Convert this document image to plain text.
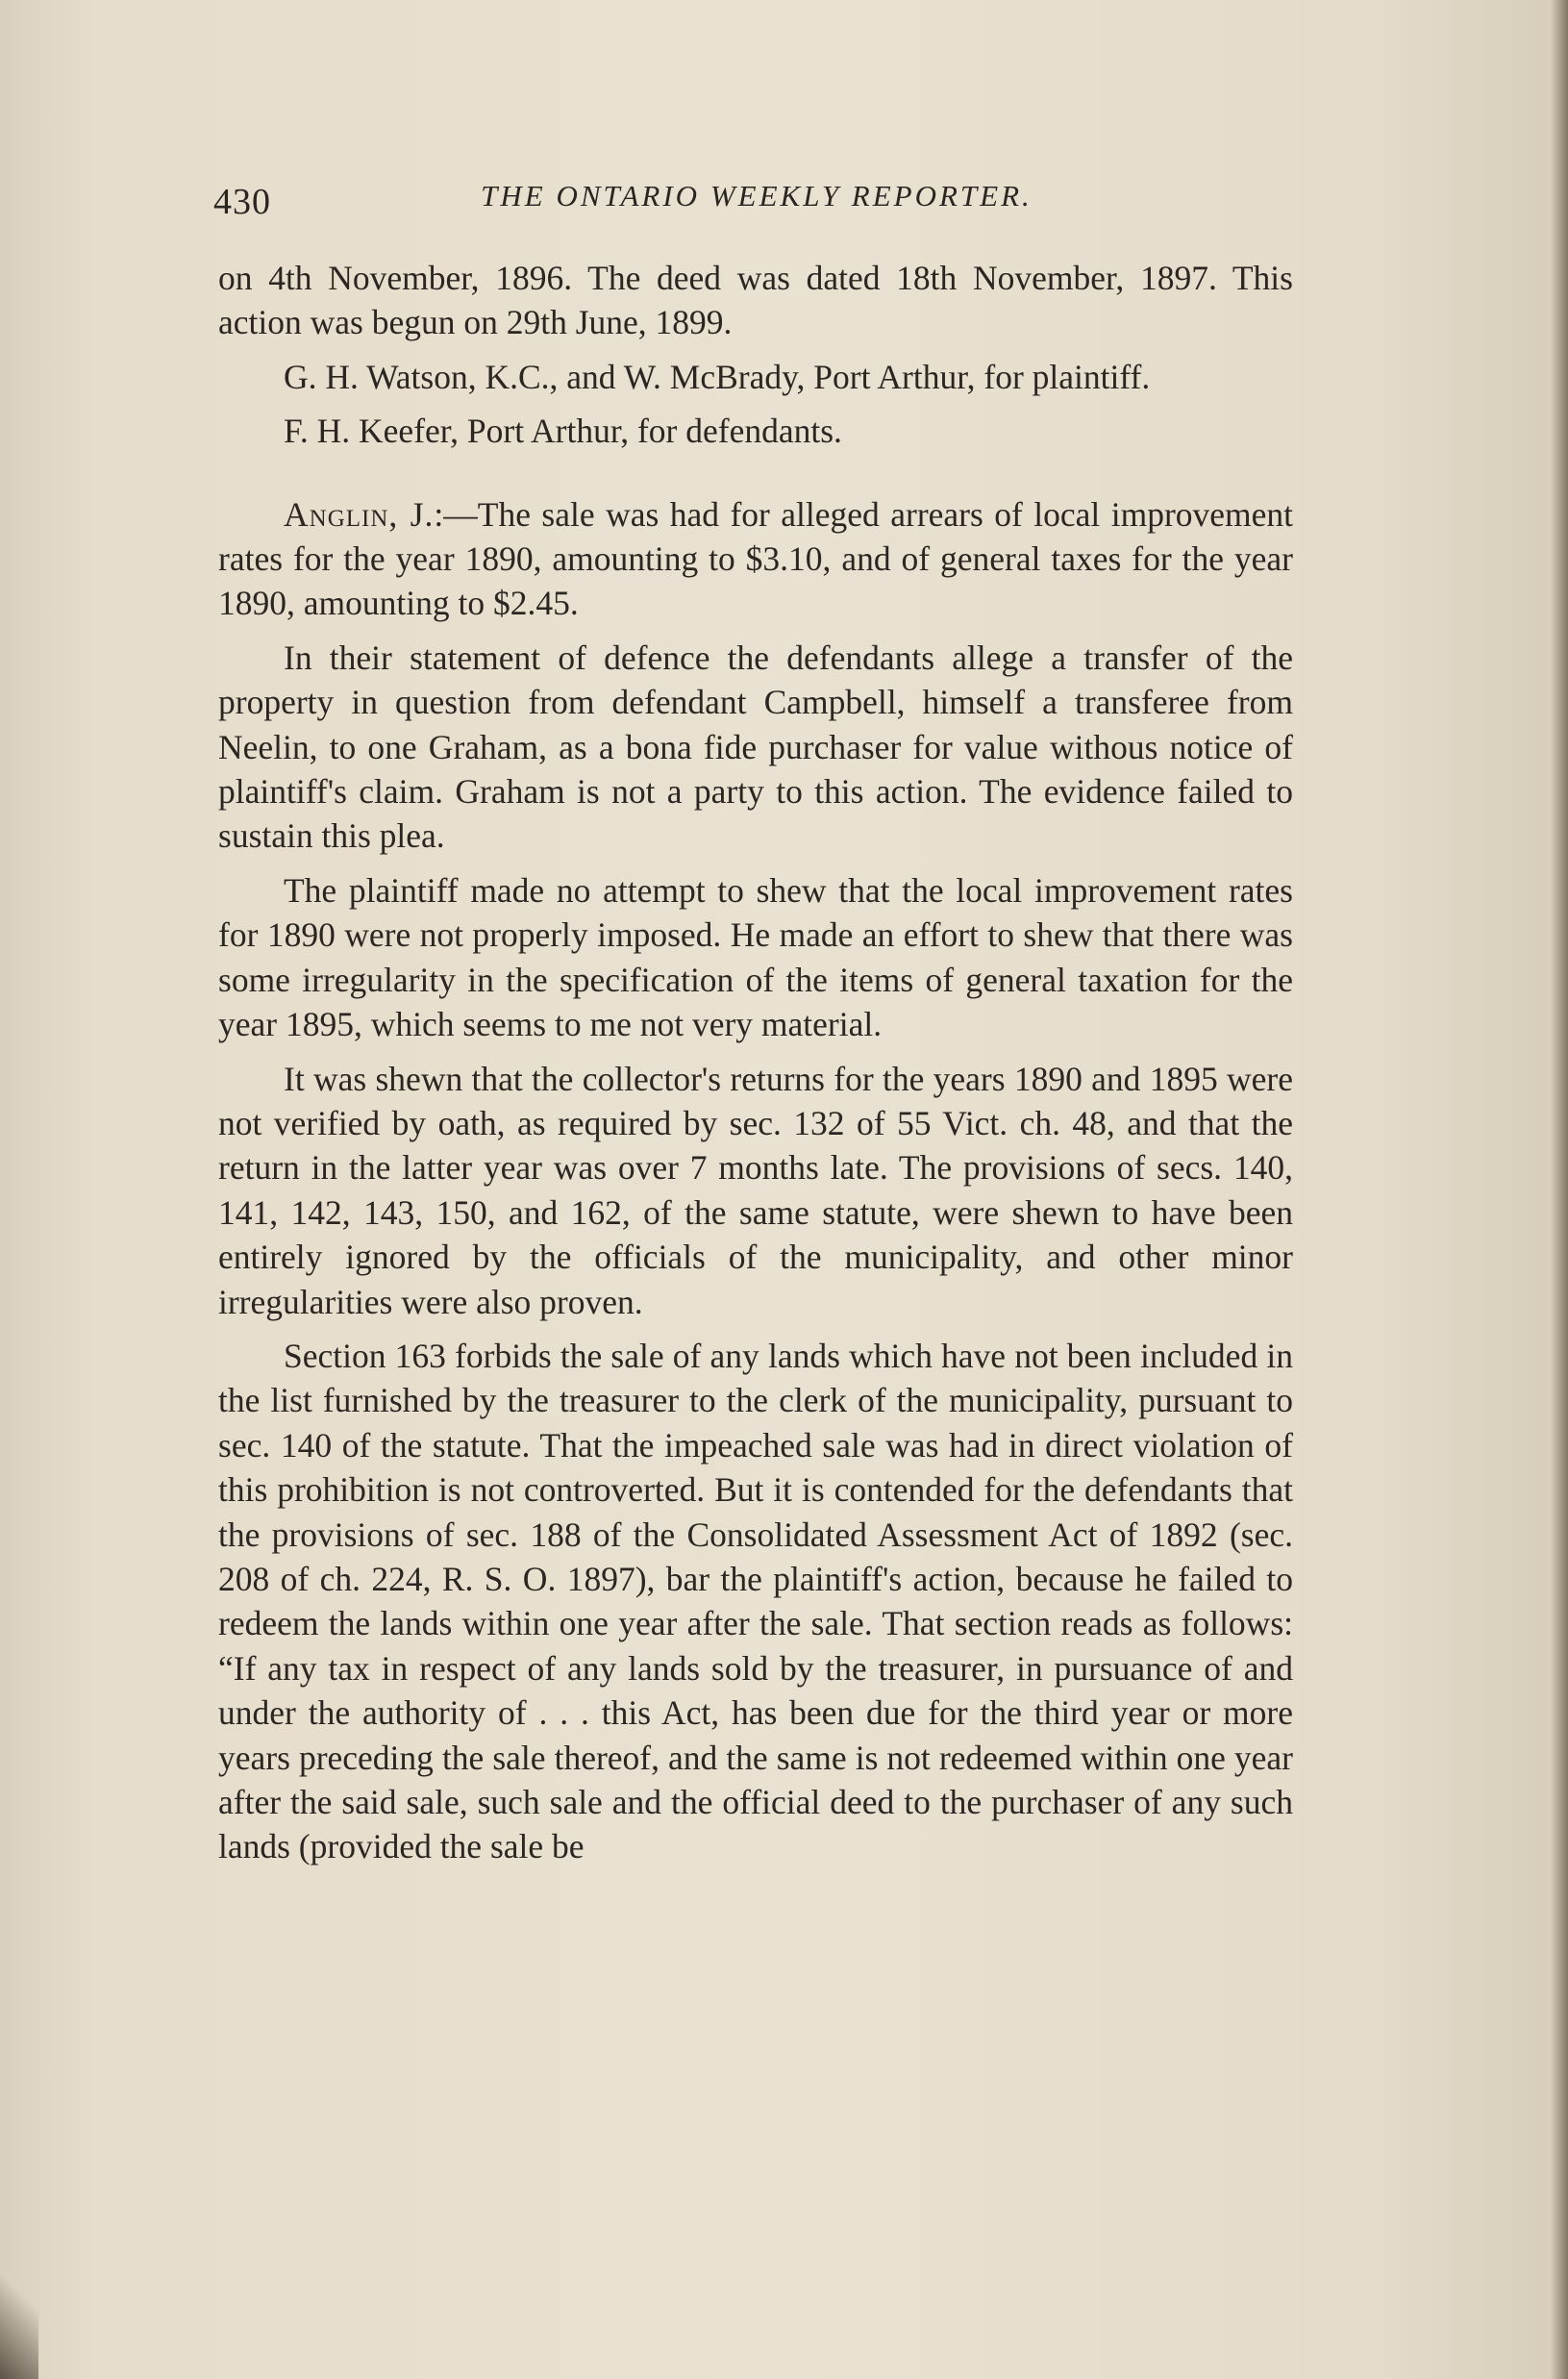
430	THE ONTARIO WEEKLY REPORTER.

on 4th November, 1896. The deed was dated 18th November, 1897. This action was begun on 29th June, 1899.

G. H. Watson, K.C., and W. McBrady, Port Arthur, for plaintiff.

F. H. Keefer, Port Arthur, for defendants.

Anglin, J.:—The sale was had for alleged arrears of local improvement rates for the year 1890, amounting to $3.10, and of general taxes for the year 1890, amounting to $2.45.

In their statement of defence the defendants allege a transfer of the property in question from defendant Campbell, himself a transferee from Neelin, to one Graham, as a bona fide purchaser for value withous notice of plaintiff's claim. Graham is not a party to this action. The evidence failed to sustain this plea.

The plaintiff made no attempt to shew that the local improvement rates for 1890 were not properly imposed. He made an effort to shew that there was some irregularity in the specification of the items of general taxation for the year 1895, which seems to me not very material.

It was shewn that the collector's returns for the years 1890 and 1895 were not verified by oath, as required by sec. 132 of 55 Vict. ch. 48, and that the return in the latter year was over 7 months late. The provisions of secs. 140, 141, 142, 143, 150, and 162, of the same statute, were shewn to have been entirely ignored by the officials of the municipality, and other minor irregularities were also proven.

Section 163 forbids the sale of any lands which have not been included in the list furnished by the treasurer to the clerk of the municipality, pursuant to sec. 140 of the statute. That the impeached sale was had in direct violation of this prohibition is not controverted. But it is contended for the defendants that the provisions of sec. 188 of the Consolidated Assessment Act of 1892 (sec. 208 of ch. 224, R. S. O. 1897), bar the plaintiff's action, because he failed to redeem the lands within one year after the sale. That section reads as follows: “If any tax in respect of any lands sold by the treasurer, in pursuance of and under the authority of . . . this Act, has been due for the third year or more years preceding the sale thereof, and the same is not redeemed within one year after the said sale, such sale and the official deed to the purchaser of any such lands (provided the sale be
